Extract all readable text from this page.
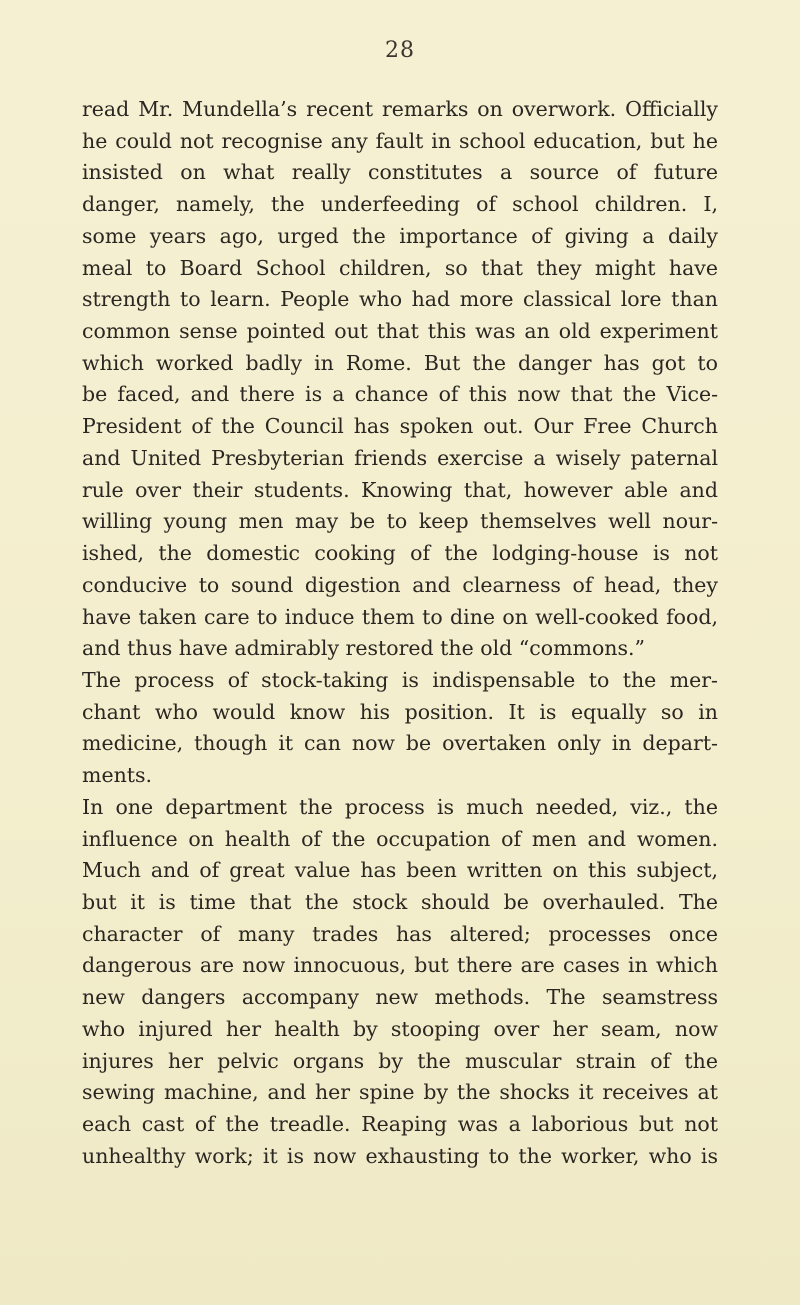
28
read Mr. Mundella’s recent remarks on overwork. Officially
he could not recognise any fault in school education, but he
insisted on what really constitutes a source of future
danger, namely, the underfeeding of school children. I,
some years ago, urged the importance of giving a daily
meal to Board School children, so that they might have
strength to learn. People who had more classical lore than
common sense pointed out that this was an old experiment
which worked badly in Rome. But the danger has got to
be faced, and there is a chance of this now that the Vice-
President of the Council has spoken out. Our Free Church
and United Presbyterian friends exercise a wisely paternal
rule over their students. Knowing that, however able and
willing young men may be to keep themselves well nour-
ished, the domestic cooking of the lodging-house is not
conducive to sound digestion and clearness of head, they
have taken care to induce them to dine on well-cooked food,
and thus have admirably restored the old “commons.”
The process of stock-taking is indispensable to the mer-
chant who would know his position. It is equally so in
medicine, though it can now be overtaken only in depart-
ments.
In one department the process is much needed, viz., the
influence on health of the occupation of men and women.
Much and of great value has been written on this subject,
but it is time that the stock should be overhauled. The
character of many trades has altered; processes once
dangerous are now innocuous, but there are cases in which
new dangers accompany new methods. The seamstress
who injured her health by stooping over her seam, now
injures her pelvic organs by the muscular strain of the
sewing machine, and her spine by the shocks it receives at
each cast of the treadle. Reaping was a laborious but not
unhealthy work; it is now exhausting to the worker, who is
